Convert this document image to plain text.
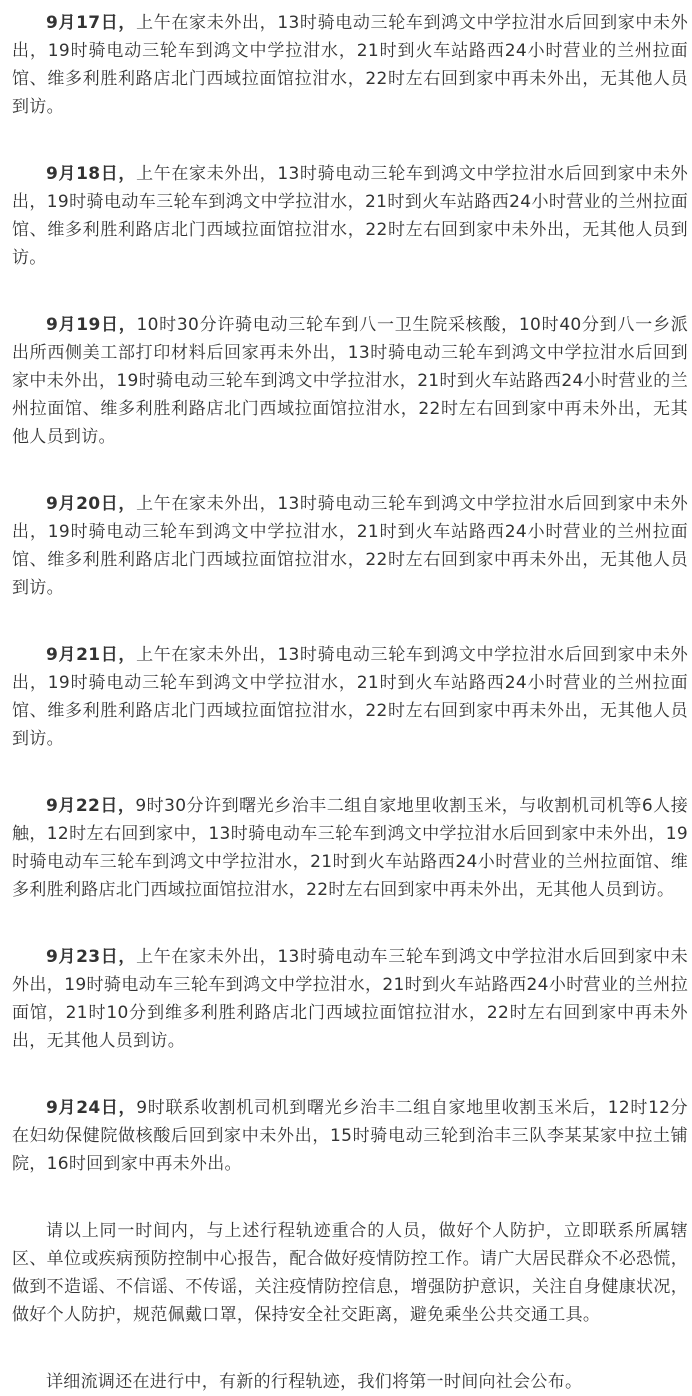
9月17日，上午在家未外出，13时骑电动三轮车到鸿文中学拉泔水后回到家中未外出，19时骑电动三轮车到鸿文中学拉泔水，21时到火车站路西24小时营业的兰州拉面馆、维多利胜利路店北门西域拉面馆拉泔水，22时左右回到家中再未外出，无其他人员到访。

9月18日，上午在家未外出，13时骑电动三轮车到鸿文中学拉泔水后回到家中未外出，19时骑电动车三轮车到鸿文中学拉泔水，21时到火车站路西24小时营业的兰州拉面馆、维多利胜利路店北门西域拉面馆拉泔水，22时左右回到家中未外出，无其他人员到访。

9月19日，10时30分许骑电动三轮车到八一卫生院采核酸，10时40分到八一乡派出所西侧美工部打印材料后回家再未外出，13时骑电动三轮车到鸿文中学拉泔水后回到家中未外出，19时骑电动三轮车到鸿文中学拉泔水，21时到火车站路西24小时营业的兰州拉面馆、维多利胜利路店北门西域拉面馆拉泔水，22时左右回到家中再未外出，无其他人员到访。

9月20日，上午在家未外出，13时骑电动三轮车到鸿文中学拉泔水后回到家中未外出，19时骑电动三轮车到鸿文中学拉泔水，21时到火车站路西24小时营业的兰州拉面馆、维多利胜利路店北门西域拉面馆拉泔水，22时左右回到家中再未外出，无其他人员到访。

9月21日，上午在家未外出，13时骑电动三轮车到鸿文中学拉泔水后回到家中未外出，19时骑电动三轮车到鸿文中学拉泔水，21时到火车站路西24小时营业的兰州拉面馆、维多利胜利路店北门西域拉面馆拉泔水，22时左右回到家中再未外出，无其他人员到访。

9月22日，9时30分许到曙光乡治丰二组自家地里收割玉米，与收割机司机等6人接触，12时左右回到家中，13时骑电动车三轮车到鸿文中学拉泔水后回到家中未外出，19时骑电动车三轮车到鸿文中学拉泔水，21时到火车站路西24小时营业的兰州拉面馆、维多利胜利路店北门西域拉面馆拉泔水，22时左右回到家中再未外出，无其他人员到访。

9月23日，上午在家未外出，13时骑电动车三轮车到鸿文中学拉泔水后回到家中未外出，19时骑电动车三轮车到鸿文中学拉泔水，21时到火车站路西24小时营业的兰州拉面馆，21时10分到维多利胜利路店北门西域拉面馆拉泔水，22时左右回到家中再未外出，无其他人员到访。

9月24日，9时联系收割机司机到曙光乡治丰二组自家地里收割玉米后，12时12分在妇幼保健院做核酸后回到家中未外出，15时骑电动三轮到治丰三队李某某家中拉土铺院，16时回到家中再未外出。

请以上同一时间内，与上述行程轨迹重合的人员，做好个人防护，立即联系所属辖区、单位或疾病预防控制中心报告，配合做好疫情防控工作。请广大居民群众不必恐慌，做到不造谣、不信谣、不传谣，关注疫情防控信息，增强防护意识，关注自身健康状况，做好个人防护，规范佩戴口罩，保持安全社交距离，避免乘坐公共交通工具。

详细流调还在进行中，有新的行程轨迹，我们将第一时间向社会公布。
